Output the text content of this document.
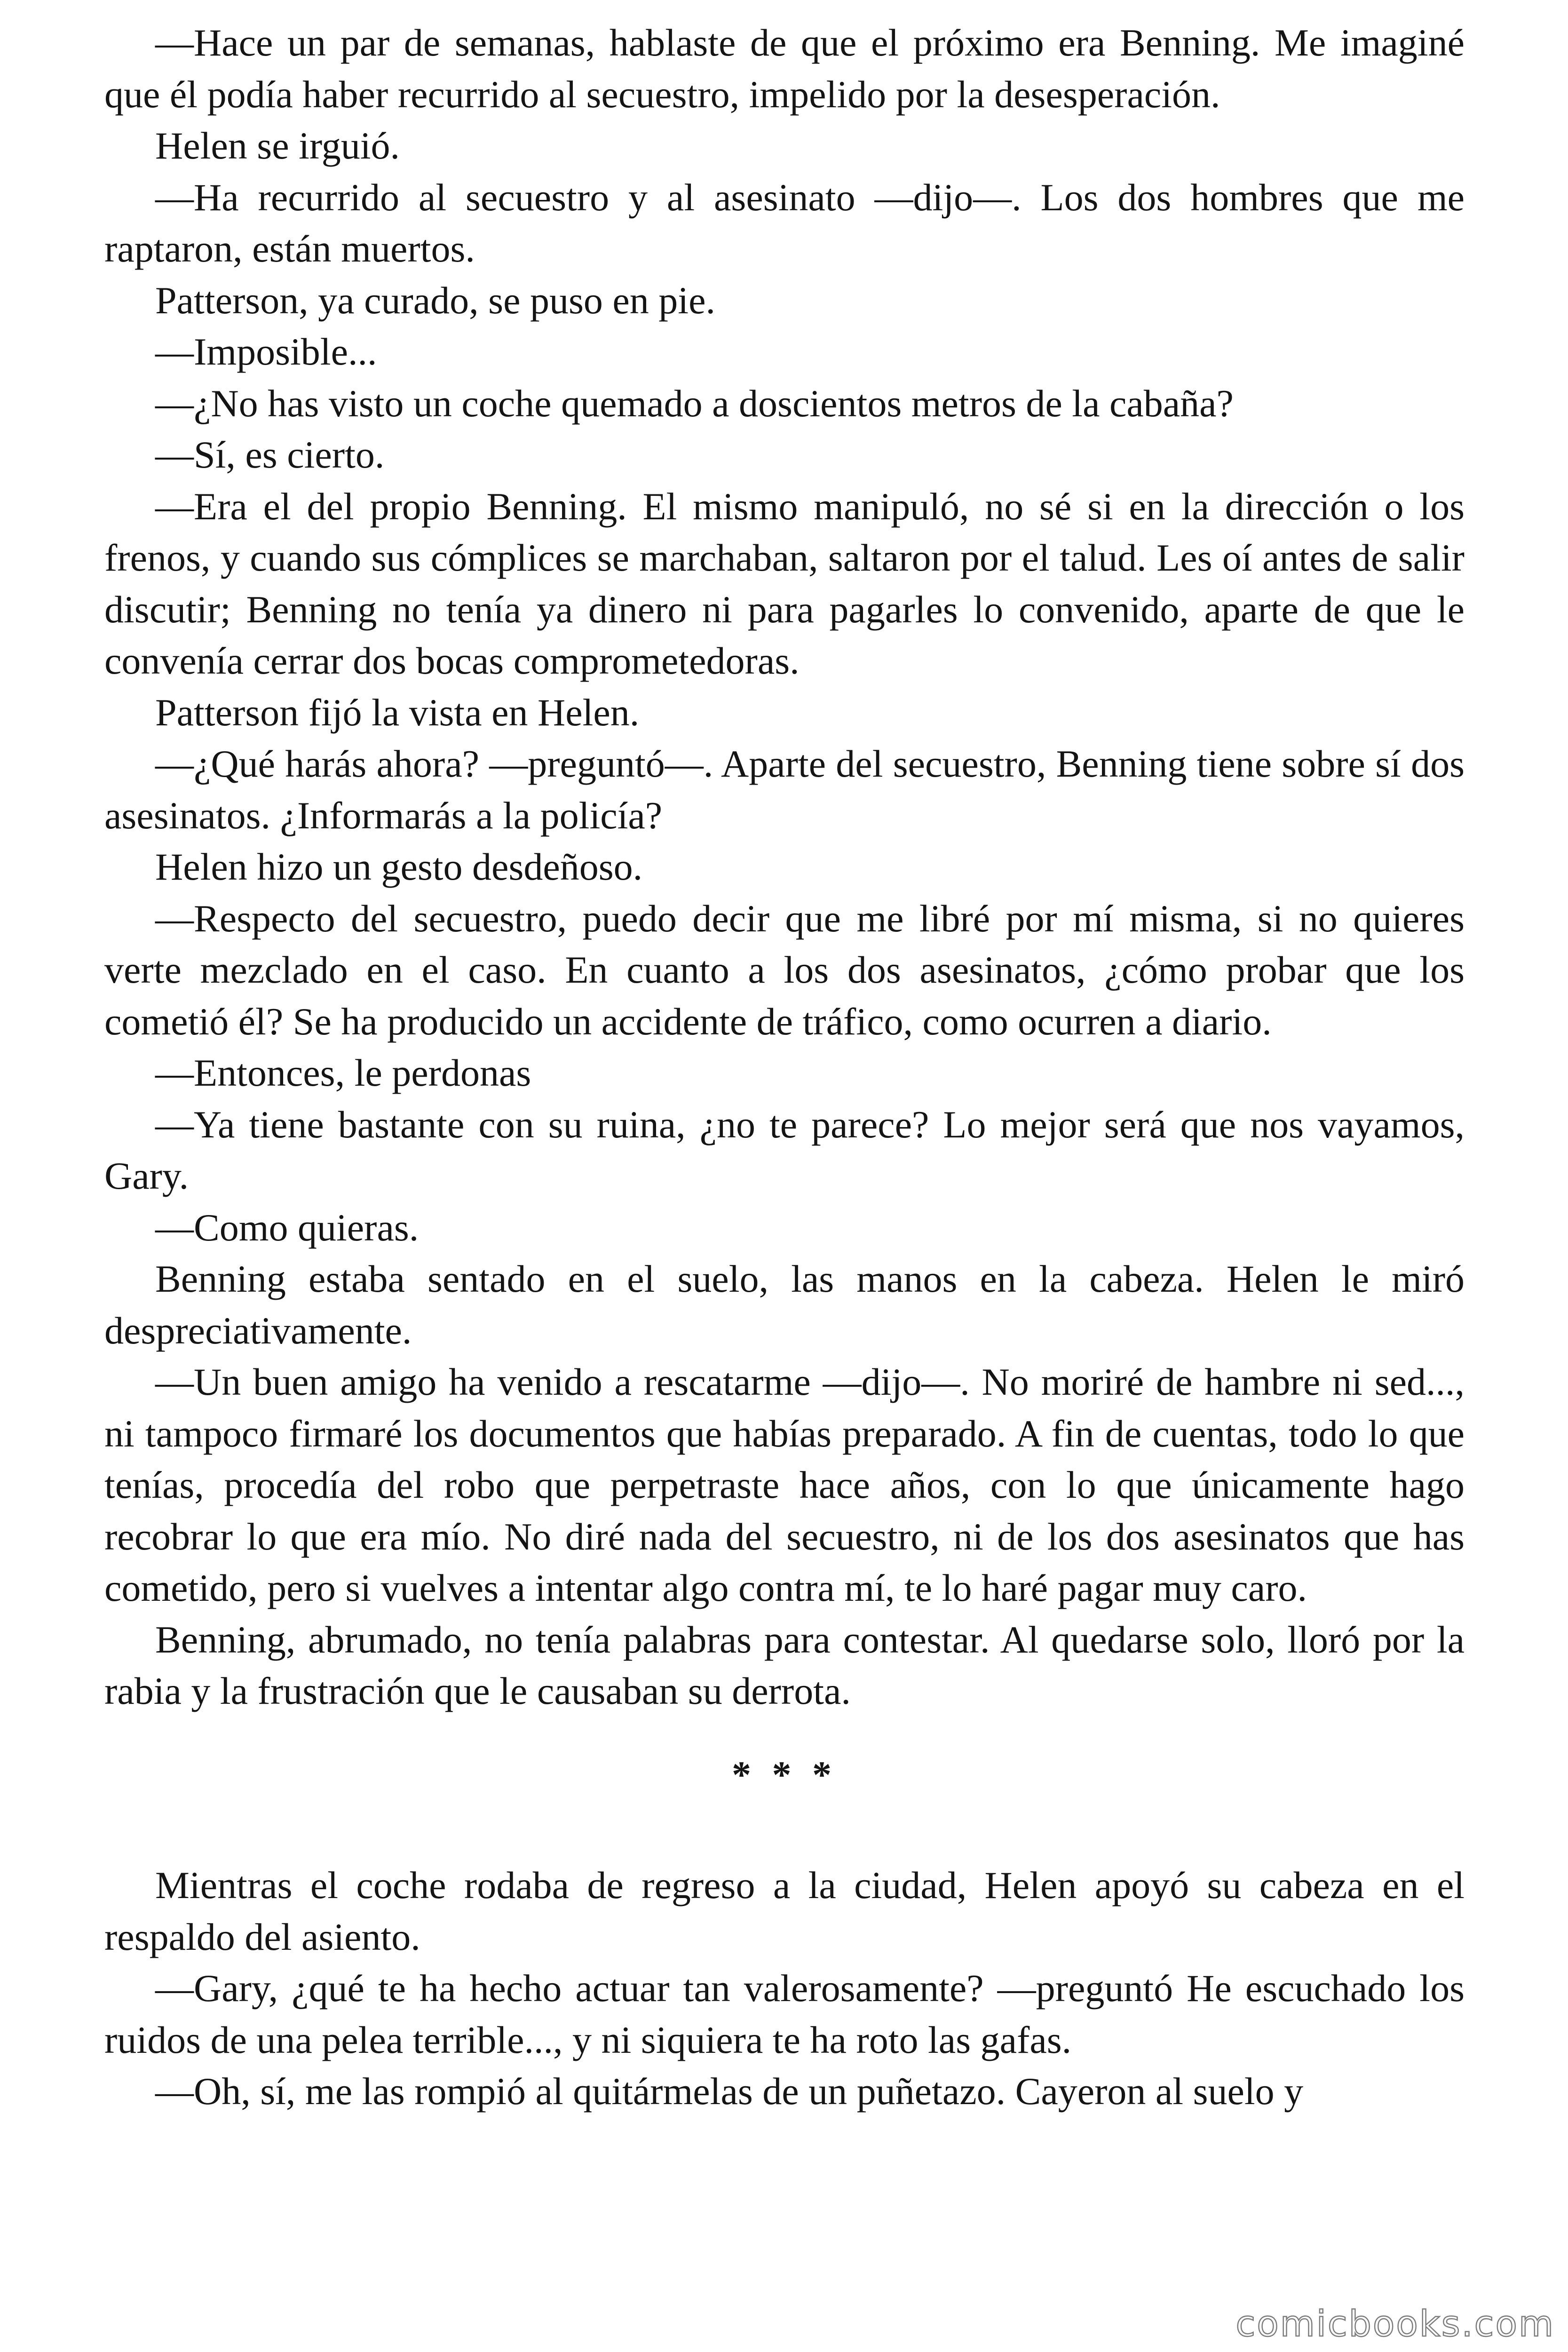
—Hace un par de semanas, hablaste de que el próximo era Benning. Me imaginé que él podía haber recurrido al secuestro, impelido por la desesperación.

Helen se irguió.

—Ha recurrido al secuestro y al asesinato —dijo—. Los dos hombres que me raptaron, están muertos.

Patterson, ya curado, se puso en pie.

—Imposible...

—¿No has visto un coche quemado a doscientos metros de la cabaña?

—Sí, es cierto.

—Era el del propio Benning. El mismo manipuló, no sé si en la dirección o los frenos, y cuando sus cómplices se marchaban, saltaron por el talud. Les oí antes de salir discutir; Benning no tenía ya dinero ni para pagarles lo convenido, aparte de que le convenía cerrar dos bocas comprometedoras.

Patterson fijó la vista en Helen.

—¿Qué harás ahora? —preguntó—. Aparte del secuestro, Benning tiene sobre sí dos asesinatos. ¿Informarás a la policía?

Helen hizo un gesto desdeñoso.

—Respecto del secuestro, puedo decir que me libré por mí misma, si no quieres verte mezclado en el caso. En cuanto a los dos asesinatos, ¿cómo probar que los cometió él? Se ha producido un accidente de tráfico, como ocurren a diario.

—Entonces, le perdonas

—Ya tiene bastante con su ruina, ¿no te parece? Lo mejor será que nos vayamos, Gary.

—Como quieras.

Benning estaba sentado en el suelo, las manos en la cabeza. Helen le miró despreciativamente.

—Un buen amigo ha venido a rescatarme —dijo—. No moriré de hambre ni sed..., ni tampoco firmaré los documentos que habías preparado. A fin de cuentas, todo lo que tenías, procedía del robo que perpetraste hace años, con lo que únicamente hago recobrar lo que era mío. No diré nada del secuestro, ni de los dos asesinatos que has cometido, pero si vuelves a intentar algo contra mí, te lo haré pagar muy caro.

Benning, abrumado, no tenía palabras para contestar. Al quedarse solo, lloró por la rabia y la frustración que le causaban su derrota.

* * *

Mientras el coche rodaba de regreso a la ciudad, Helen apoyó su cabeza en el respaldo del asiento.

—Gary, ¿qué te ha hecho actuar tan valerosamente? —preguntó He escuchado los ruidos de una pelea terrible..., y ni siquiera te ha roto las gafas.

—Oh, sí, me las rompió al quitármelas de un puñetazo. Cayeron al suelo y

comicbooks.com
